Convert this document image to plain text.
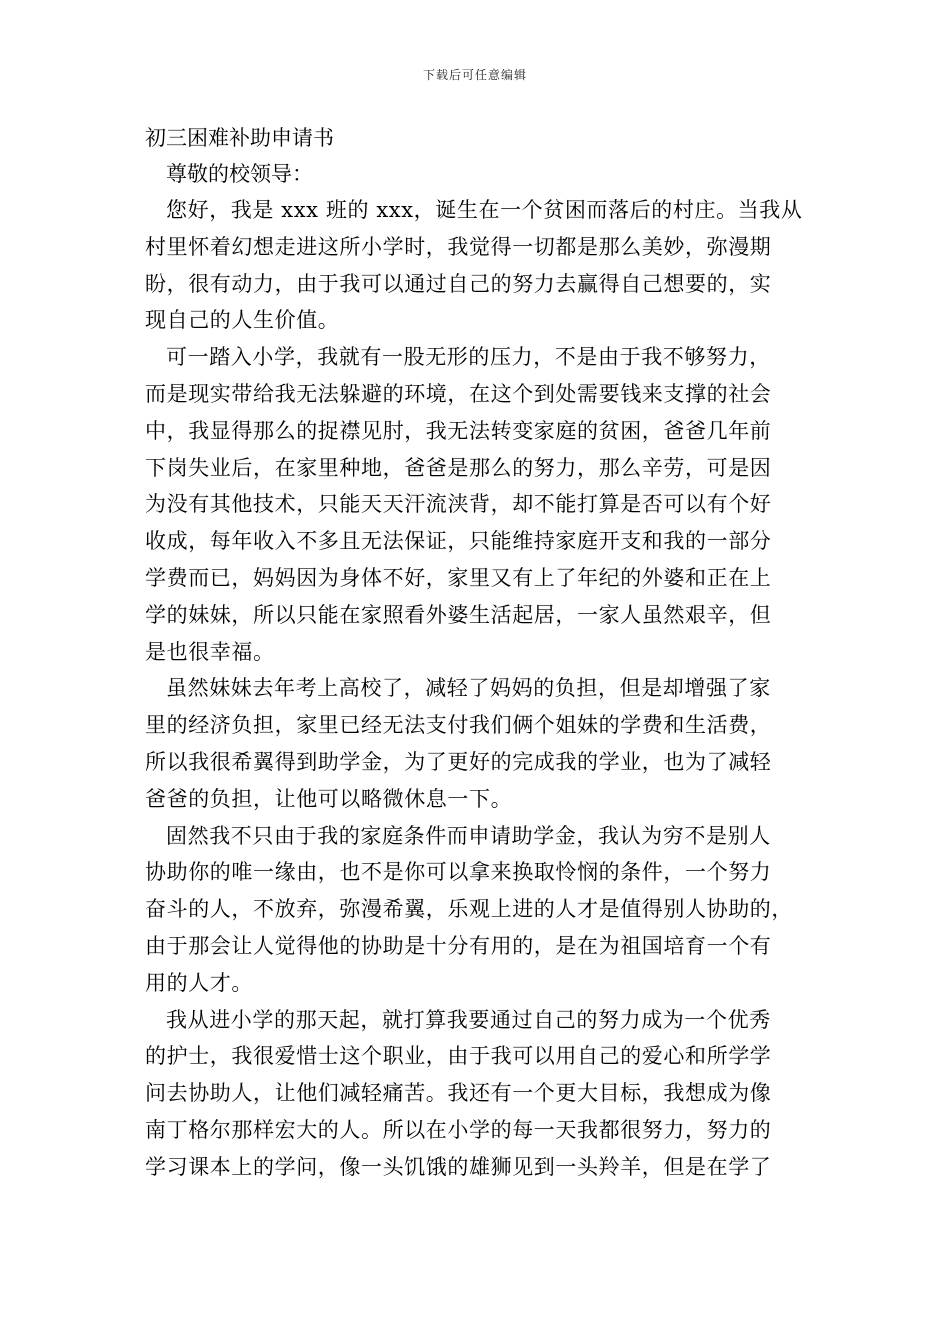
下载后可任意编辑
初三困难补助申请书
尊敬的校领导：
您好，我是 xxx 班的 xxx，诞生在一个贫困而落后的村庄。当我从
村里怀着幻想走进这所小学时，我觉得一切都是那么美妙，弥漫期
盼，很有动力，由于我可以通过自己的努力去赢得自己想要的，实
现自己的人生价值。
可一踏入小学，我就有一股无形的压力，不是由于我不够努力，
而是现实带给我无法躲避的环境，在这个到处需要钱来支撑的社会
中，我显得那么的捉襟见肘，我无法转变家庭的贫困，爸爸几年前
下岗失业后，在家里种地，爸爸是那么的努力，那么辛劳，可是因
为没有其他技术，只能天天汗流浃背，却不能打算是否可以有个好
收成，每年收入不多且无法保证，只能维持家庭开支和我的一部分
学费而已，妈妈因为身体不好，家里又有上了年纪的外婆和正在上
学的妹妹，所以只能在家照看外婆生活起居，一家人虽然艰辛，但
是也很幸福。
虽然妹妹去年考上高校了，减轻了妈妈的负担，但是却增强了家
里的经济负担，家里已经无法支付我们俩个姐妹的学费和生活费，
所以我很希翼得到助学金，为了更好的完成我的学业，也为了减轻
爸爸的负担，让他可以略微休息一下。
固然我不只由于我的家庭条件而申请助学金，我认为穷不是别人
协助你的唯一缘由，也不是你可以拿来换取怜悯的条件，一个努力
奋斗的人，不放弃，弥漫希翼，乐观上进的人才是值得别人协助的，
由于那会让人觉得他的协助是十分有用的，是在为祖国培育一个有
用的人才。
我从进小学的那天起，就打算我要通过自己的努力成为一个优秀
的护士，我很爱惜士这个职业，由于我可以用自己的爱心和所学学
问去协助人，让他们减轻痛苦。我还有一个更大目标，我想成为像
南丁格尔那样宏大的人。所以在小学的每一天我都很努力，努力的
学习课本上的学问，像一头饥饿的雄狮见到一头羚羊，但是在学了
